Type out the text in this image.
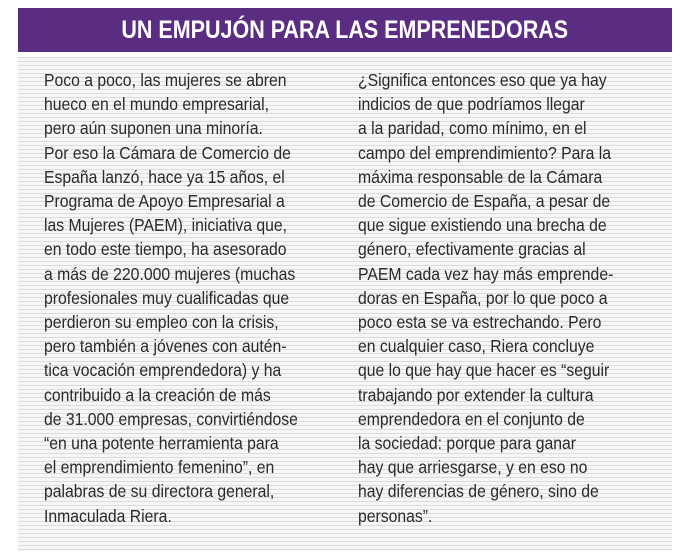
UN EMPUJÓN PARA LAS EMPRENEDORAS
Poco a poco, las mujeres se abren
hueco en el mundo empresarial,
pero aún suponen una minoría.
Por eso la Cámara de Comercio de
España lanzó, hace ya 15 años, el
Programa de Apoyo Empresarial a
las Mujeres (PAEM), iniciativa que,
en todo este tiempo, ha asesorado
a más de 220.000 mujeres (muchas
profesionales muy cualificadas que
perdieron su empleo con la crisis,
pero también a jóvenes con autén-
tica vocación emprendedora) y ha
contribuido a la creación de más
de 31.000 empresas, convirtiéndose
“en una potente herramienta para
el emprendimiento femenino”, en
palabras de su directora general,
Inmaculada Riera.
¿Significa entonces eso que ya hay
indicios de que podríamos llegar
a la paridad, como mínimo, en el
campo del emprendimiento? Para la
máxima responsable de la Cámara
de Comercio de España, a pesar de
que sigue existiendo una brecha de
género, efectivamente gracias al
PAEM cada vez hay más emprende-
doras en España, por lo que poco a
poco esta se va estrechando. Pero
en cualquier caso, Riera concluye
que lo que hay que hacer es “seguir
trabajando por extender la cultura
emprendedora en el conjunto de
la sociedad: porque para ganar
hay que arriesgarse, y en eso no
hay diferencias de género, sino de
personas”.
